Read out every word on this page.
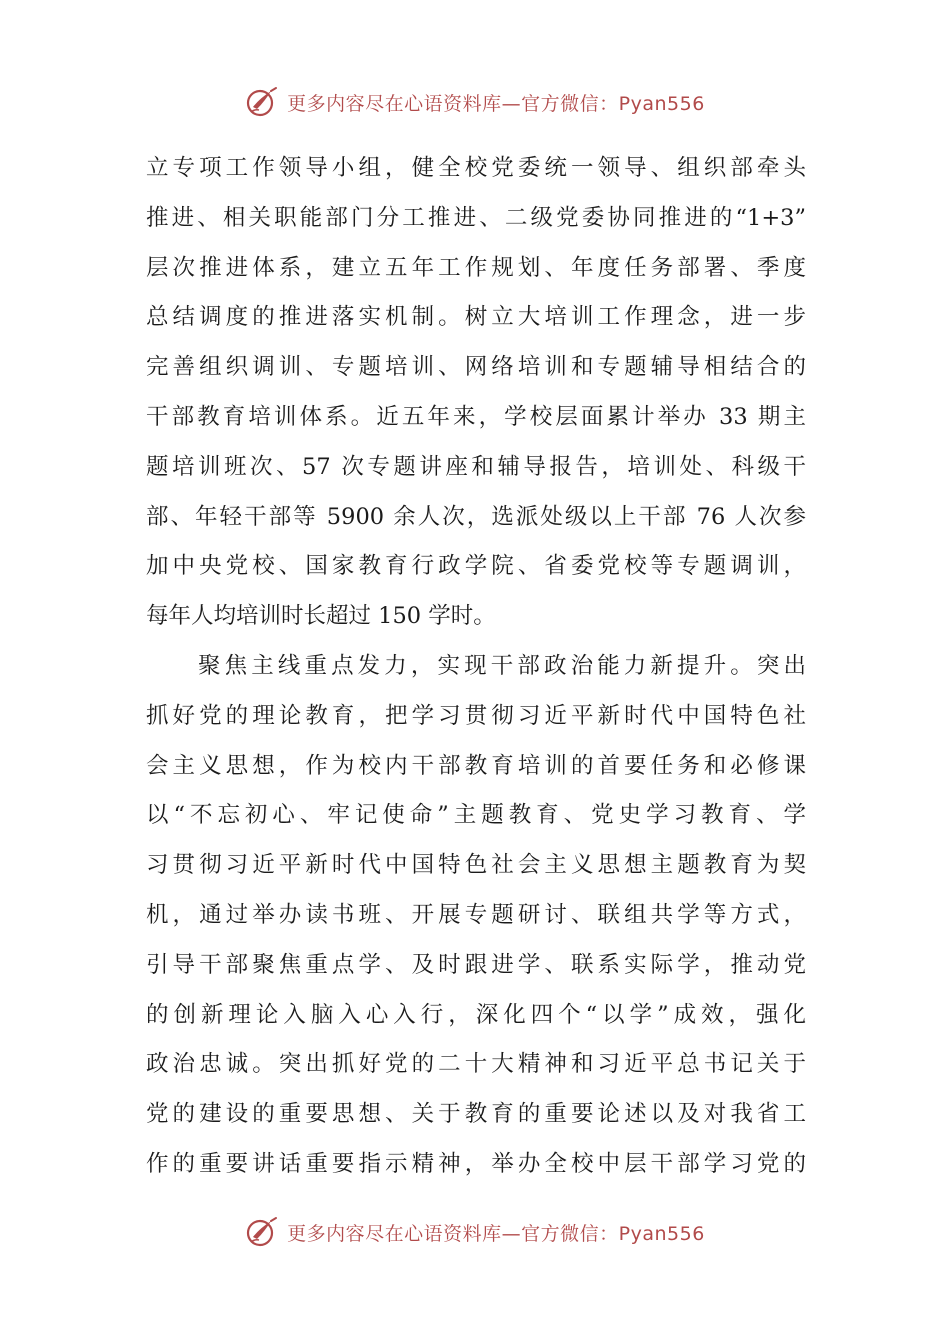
更多内容尽在心语资料库—官方微信：Pyan556
立专项工作领导小组，健全校党委统一领导、组织部牵头
推进、相关职能部门分工推进、二级党委协同推进的“1+3”
层次推进体系，建立五年工作规划、年度任务部署、季度
总结调度的推进落实机制。树立大培训工作理念，进一步
完善组织调训、专题培训、网络培训和专题辅导相结合的
干部教育培训体系。近五年来，学校层面累计举办 33 期主
题培训班次、57 次专题讲座和辅导报告，培训处、科级干
部、年轻干部等 5900 余人次，选派处级以上干部 76 人次参
加中央党校、国家教育行政学院、省委党校等专题调训，
每年人均培训时长超过 150 学时。
聚焦主线重点发力，实现干部政治能力新提升。突出
抓好党的理论教育，把学习贯彻习近平新时代中国特色社
会主义思想，作为校内干部教育培训的首要任务和必修课
以“不忘初心、牢记使命”主题教育、党史学习教育、学
习贯彻习近平新时代中国特色社会主义思想主题教育为契
机，通过举办读书班、开展专题研讨、联组共学等方式，
引导干部聚焦重点学、及时跟进学、联系实际学，推动党
的创新理论入脑入心入行，深化四个“以学”成效，强化
政治忠诚。突出抓好党的二十大精神和习近平总书记关于
党的建设的重要思想、关于教育的重要论述以及对我省工
作的重要讲话重要指示精神，举办全校中层干部学习党的
更多内容尽在心语资料库—官方微信：Pyan556
